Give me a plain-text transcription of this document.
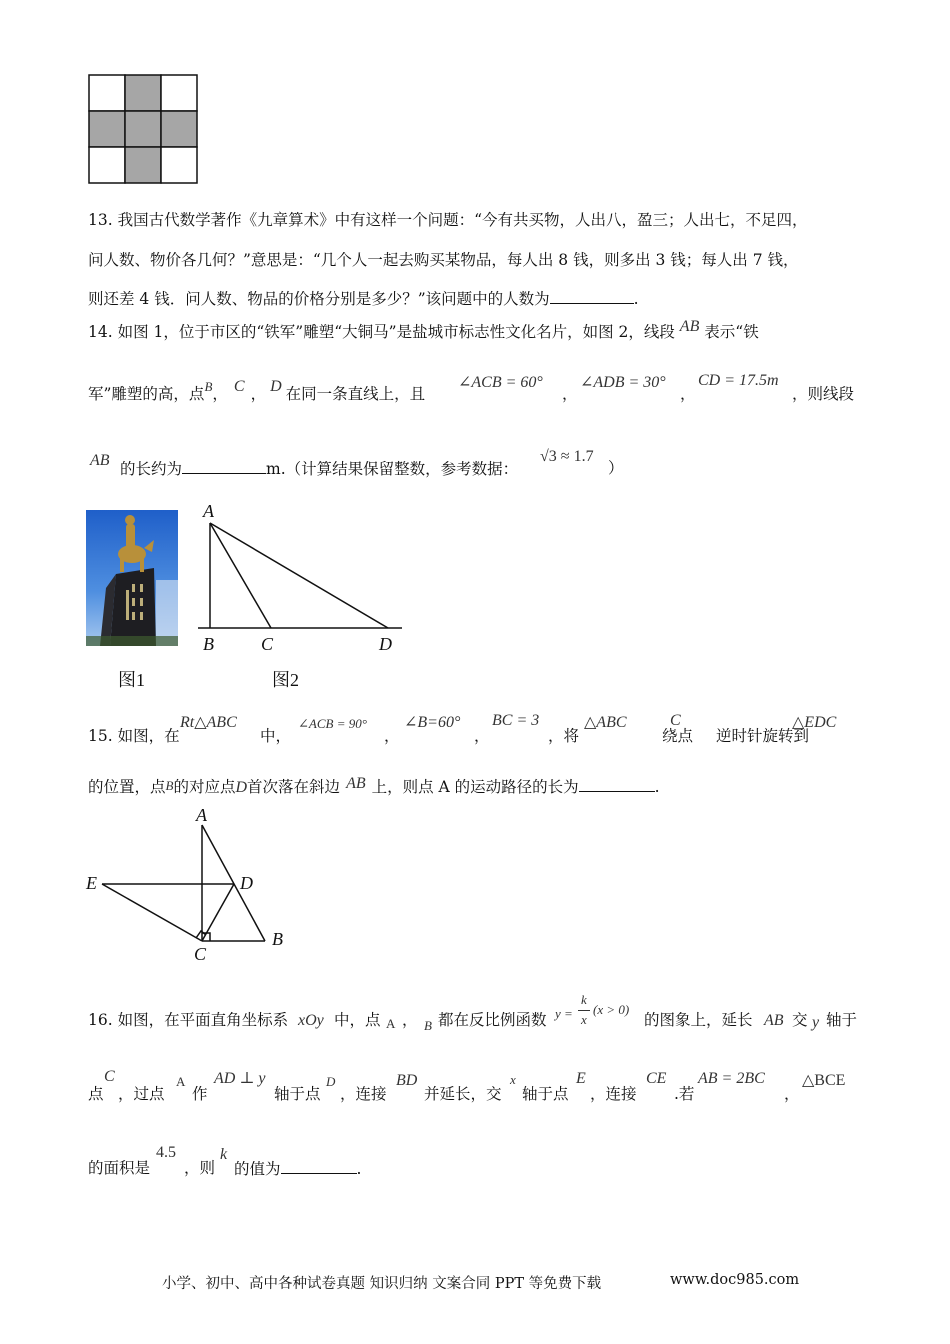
13. 我国古代数学著作《九章算术》中有这样一个问题：“今有共买物，人出八，盈三；人出七，不足四，
问人数、物价各几何？”意思是：“几个人一起去购买某物品，每人出 8 钱，则多出 3 钱；每人出 7 钱，
则还差 4 钱．问人数、物品的价格分别是多少？”该问题中的人数为	.
14. 如图 1，位于市区的“铁军”雕塑“大铜马”是盐城市标志性文化名片，如图 2，线段 AB 表示“铁
军”雕塑的高，点$^B$， C ， D 在同一条直线上，且
∠ACB = 60°
，
∠ADB = 30°
，
CD = 17.5m
，则线段
AB 的长约为	m.（计算结果保留整数，参考数据：
√3 ≈ 1.7
）
A
B	C	D
图1	图2
15. 如图，在
Rt△ABC
中，
∠ACB = 90°
，
∠B=60°
，
BC = 3
，将
△ABC
绕点
C
逆时针旋转到
△EDC
的位置，点B的对应点D首次落在斜边 AB 上，则点 A 的运动路径的长为	.
A
E	D
C
B
16. 如图，在平面直角坐标系 xOy 中，点 A ， B 都在反比例函数 y =
k
x
(x > 0)
的图象上，延长 AB 交 y 轴于
点
C
，过点
A
作
AD ⊥ y
轴于点
D
，连接
BD
并延长，交
x
轴于点
E
，连接
CE
.若
AB = 2BC
，
△BCE
的面积是
4.5
，则
k
的值为	.
小学、初中、高中各种试卷真题 知识归纳 文案合同 PPT 等免费下载	www.doc985.com
